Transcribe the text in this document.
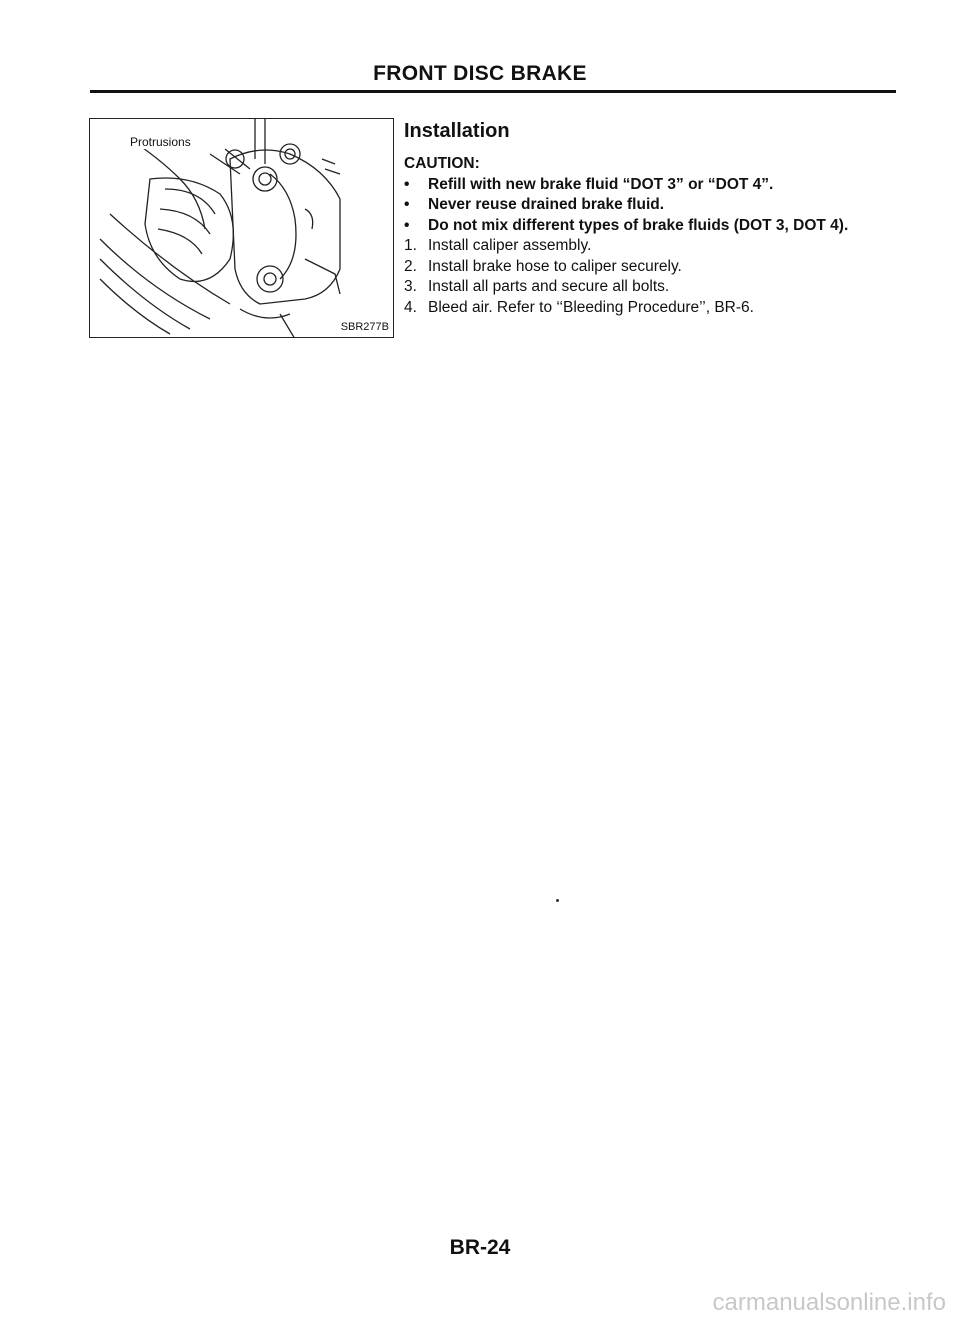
FRONT DISC BRAKE
Protrusions
SBR277B
Installation
CAUTION:
•	Refill with new brake fluid “DOT 3” or “DOT 4”.
•	Never reuse drained brake fluid.
•	Do not mix different types of brake fluids (DOT 3, DOT 4).
1. Install caliper assembly.
2. Install brake hose to caliper securely.
3. Install all parts and secure all bolts.
4. Bleed air. Refer to ‘‘Bleeding Procedure’’, BR-6.
BR-24
carmanualsonline.info
